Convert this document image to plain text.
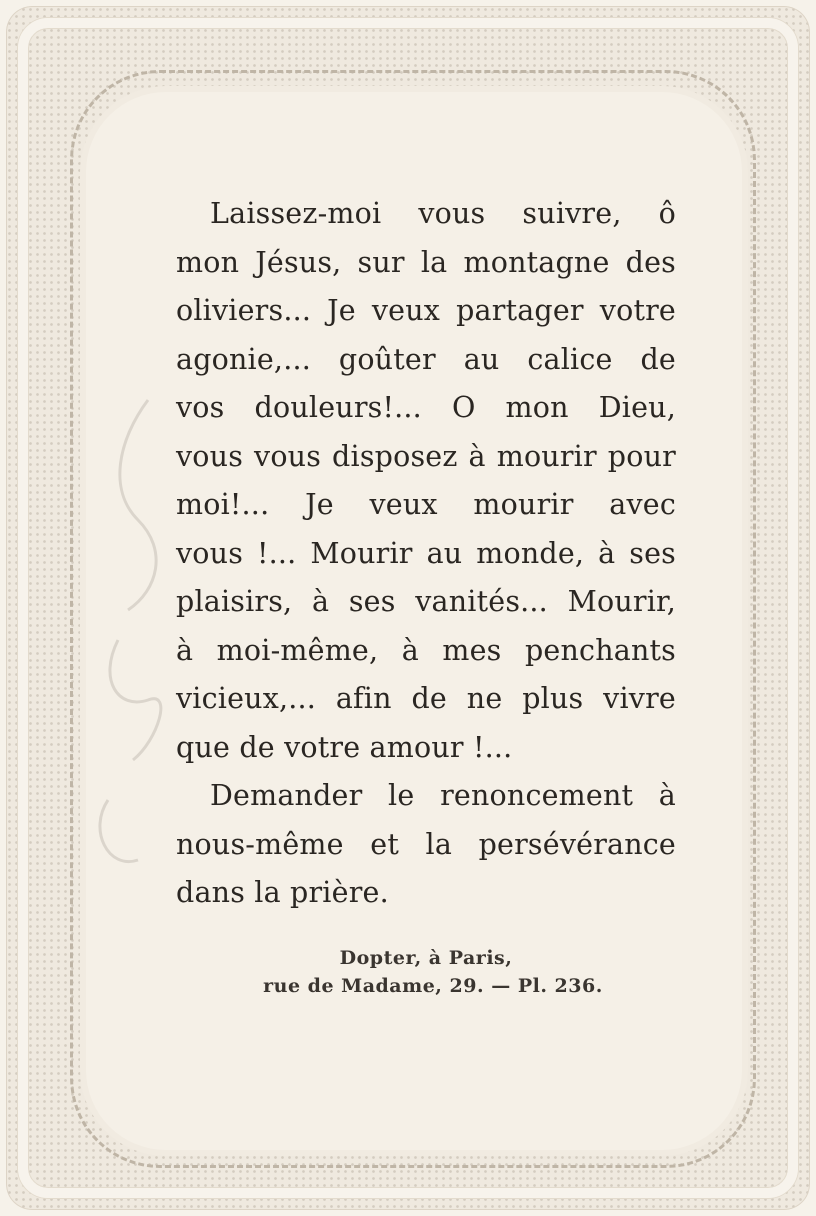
Laissez-moi vous suivre, ô
mon Jésus, sur la montagne des
oliviers... Je veux partager votre
agonie,... goûter au calice de
vos douleurs!... O mon Dieu,
vous vous disposez à mourir pour
moi!... Je veux mourir avec
vous !... Mourir au monde, à ses
plaisirs, à ses vanités... Mourir,
à moi-même, à mes penchants
vicieux,... afin de ne plus vivre
que de votre amour !...
Demander le renoncement à
nous-même et la persévérance
dans la prière.
Dopter, à Paris,
rue de Madame, 29. — Pl. 236.
